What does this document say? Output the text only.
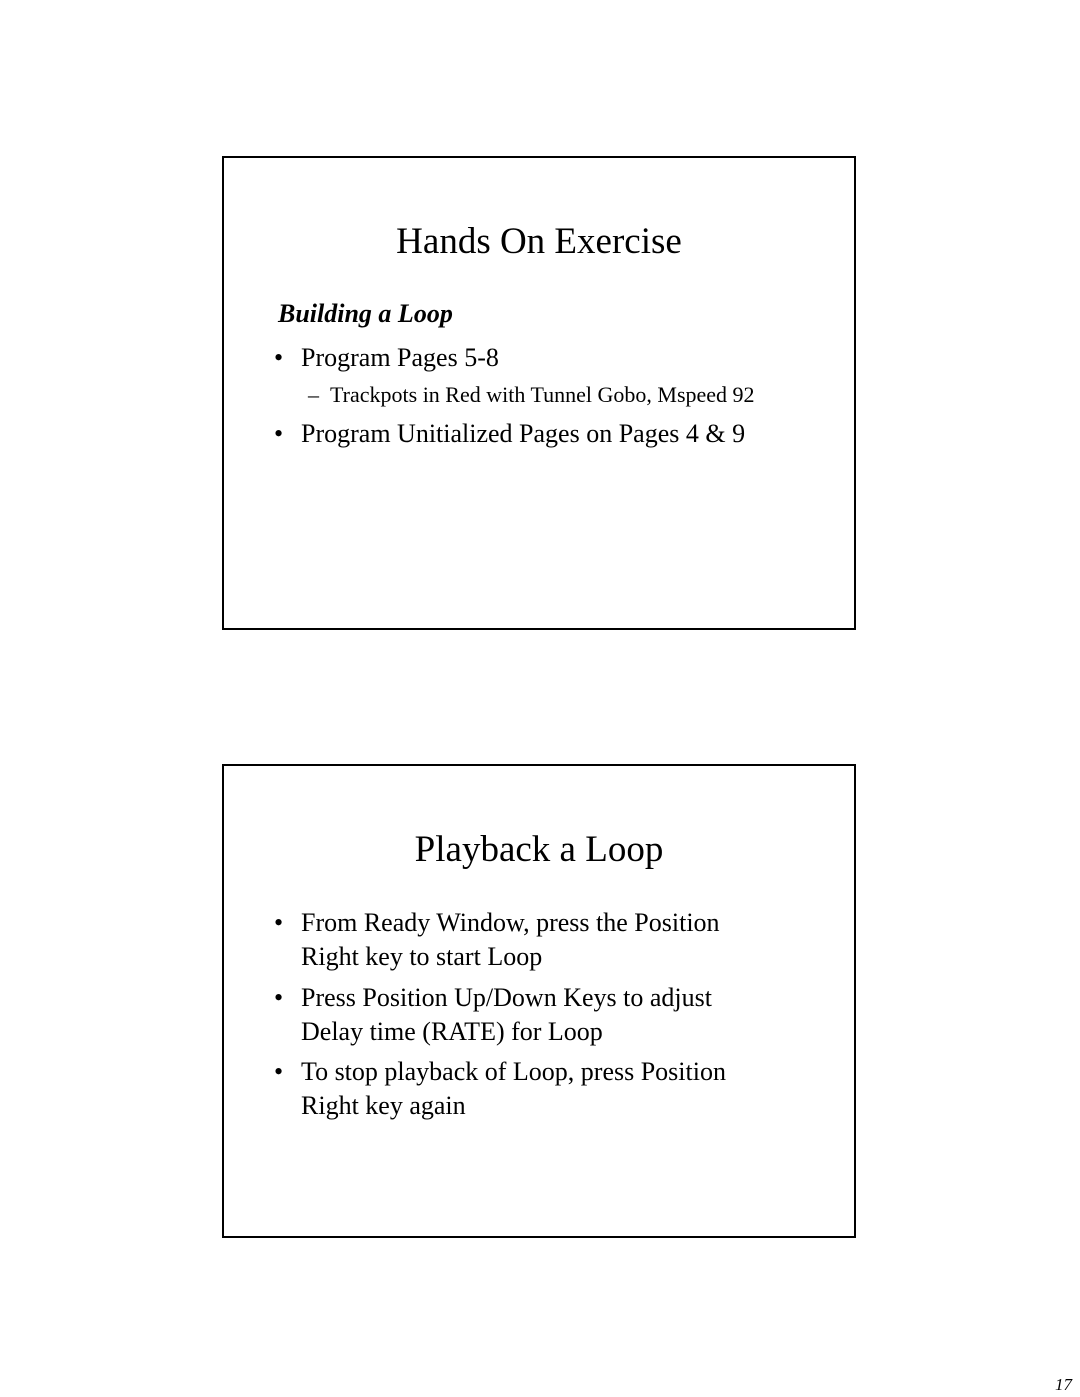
Hands On Exercise
Building a Loop
• Program Pages 5-8
– Trackpots in Red with Tunnel Gobo, Mspeed 92
• Program Unitialized Pages on Pages 4 & 9
Playback a Loop
• From Ready Window, press the Position
Right key to start Loop
• Press Position Up/Down Keys to adjust
Delay time (RATE) for Loop
• To stop playback of Loop, press Position
Right key again
17
